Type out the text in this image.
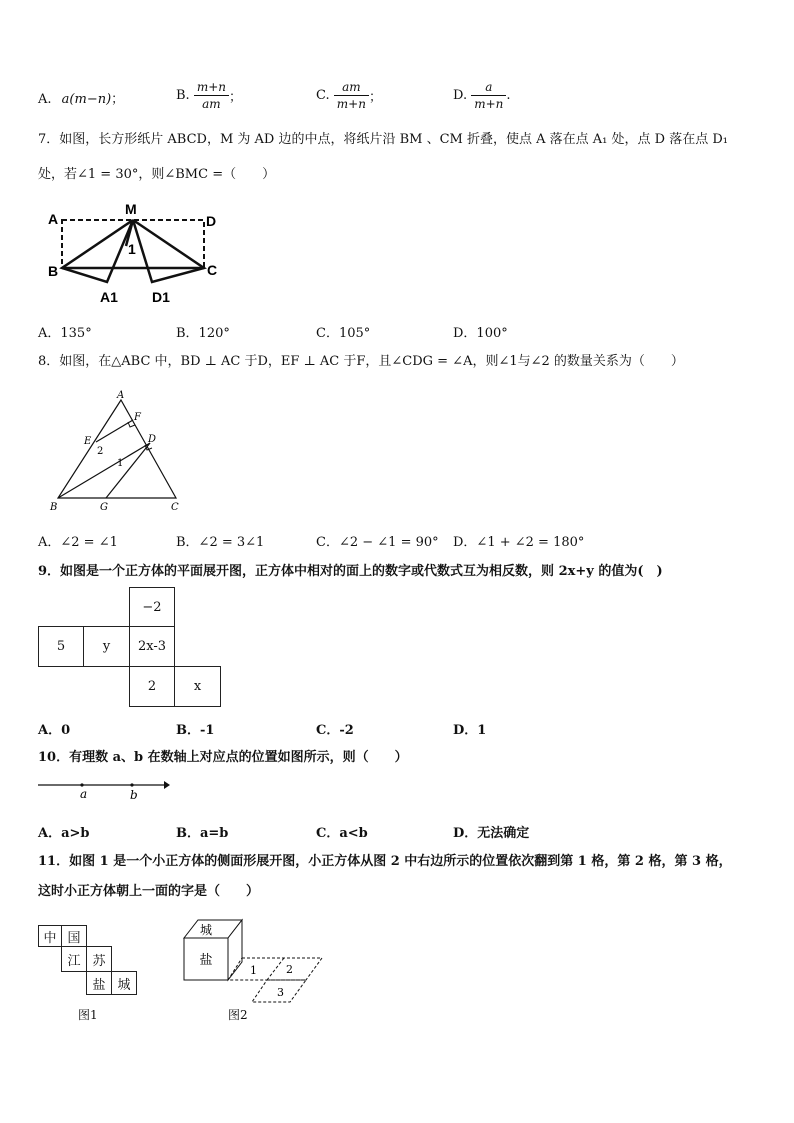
A. a(m−n)；	B. $\frac{m+n}{am}$ ；	C. $\frac{am}{m+n}$ ；	D. $\frac{a}{m+n}$ .
7．如图，长方形纸片 ABCD，M 为 AD 边的中点，将纸片沿 BM 、CM 折叠，使点 A 落在点 A₁ 处，点 D 落在点 D₁
处，若∠1 = 30°，则∠BMC =（　　）
A
M
D
B	C
1
A1 D1
A．135°	B．120°	C．105°	D．100°
8．如图，在△ABC 中，BD ⊥ AC 于D，EF ⊥ AC 于F，且∠CDG = ∠A，则∠1与∠2 的数量关系为（　　）
A
F
E	D
2
1
B	G	C
A．∠2 = ∠1	B．∠2 = 3∠1	C．∠2 − ∠1 = 90° D．∠1 + ∠2 = 180°
9．如图是一个正方体的平面展开图，正方体中相对的面上的数字或代数式互为相反数，则 2x+y 的值为(　)
−2
5	y	2x-3
2	x
A．0	B．-1	C．-2	D．1
10．有理数 a、b 在数轴上对应点的位置如图所示，则（　　）
a	b
A．a>b	B．a=b	C．a<b	D．无法确定
11．如图 1 是一个小正方体的侧面形展开图，小正方体从图 2 中右边所示的位置依次翻到第 1 格，第 2 格，第 3 格，
这时小正方体朝上一面的字是（　　）
中 国
江 苏
盐 城
图1
城
盐
1	2
3
图2
